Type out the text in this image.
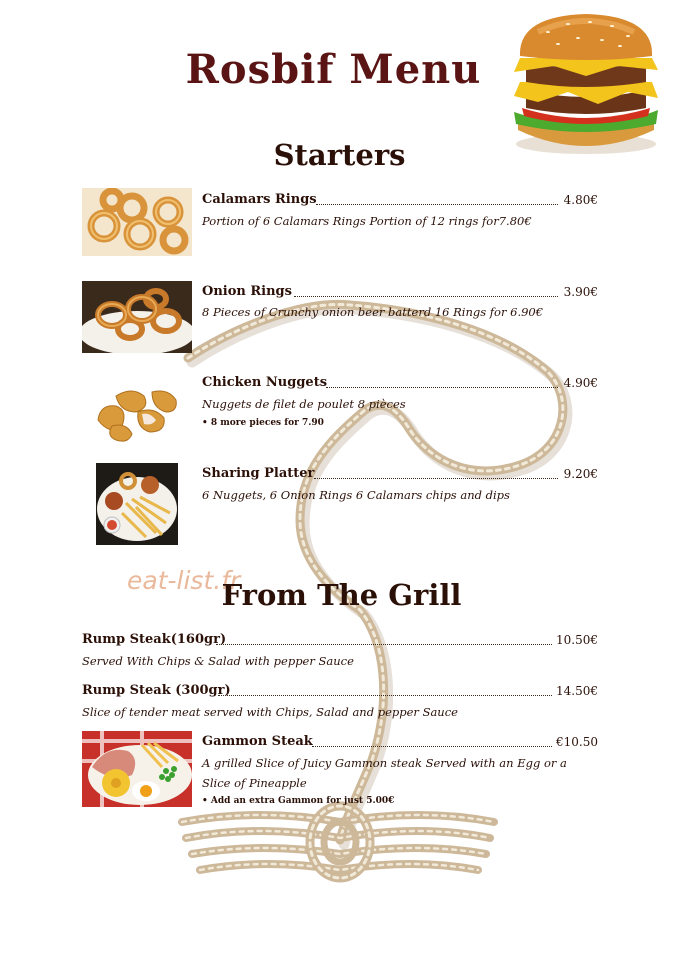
Rosbif Menu
Starters
Calamars Rings	4.80€
Portion of 6 Calamars Rings Portion of 12 rings for7.80€
Onion Rings	3.90€
8 Pieces of Crunchy onion beer batterd 16 Rings for 6.90€
Chicken Nuggets	4.90€
Nuggets de filet de poulet 8 pièces
• 8 more pieces for 7.90
Sharing Platter	9.20€
6 Nuggets, 6 Onion Rings 6 Calamars chips and dips
eat-list.fr
From The Grill
Rump Steak(160gr)	10.50€
Served With Chips & Salad with pepper Sauce
Rump Steak (300gr)	14.50€
Slice of tender meat served with Chips, Salad and pepper Sauce
Gammon Steak	€10.50
A grilled Slice of Juicy Gammon steak Served with an Egg or a
Slice of Pineapple
• Add an extra Gammon for just 5.00€
